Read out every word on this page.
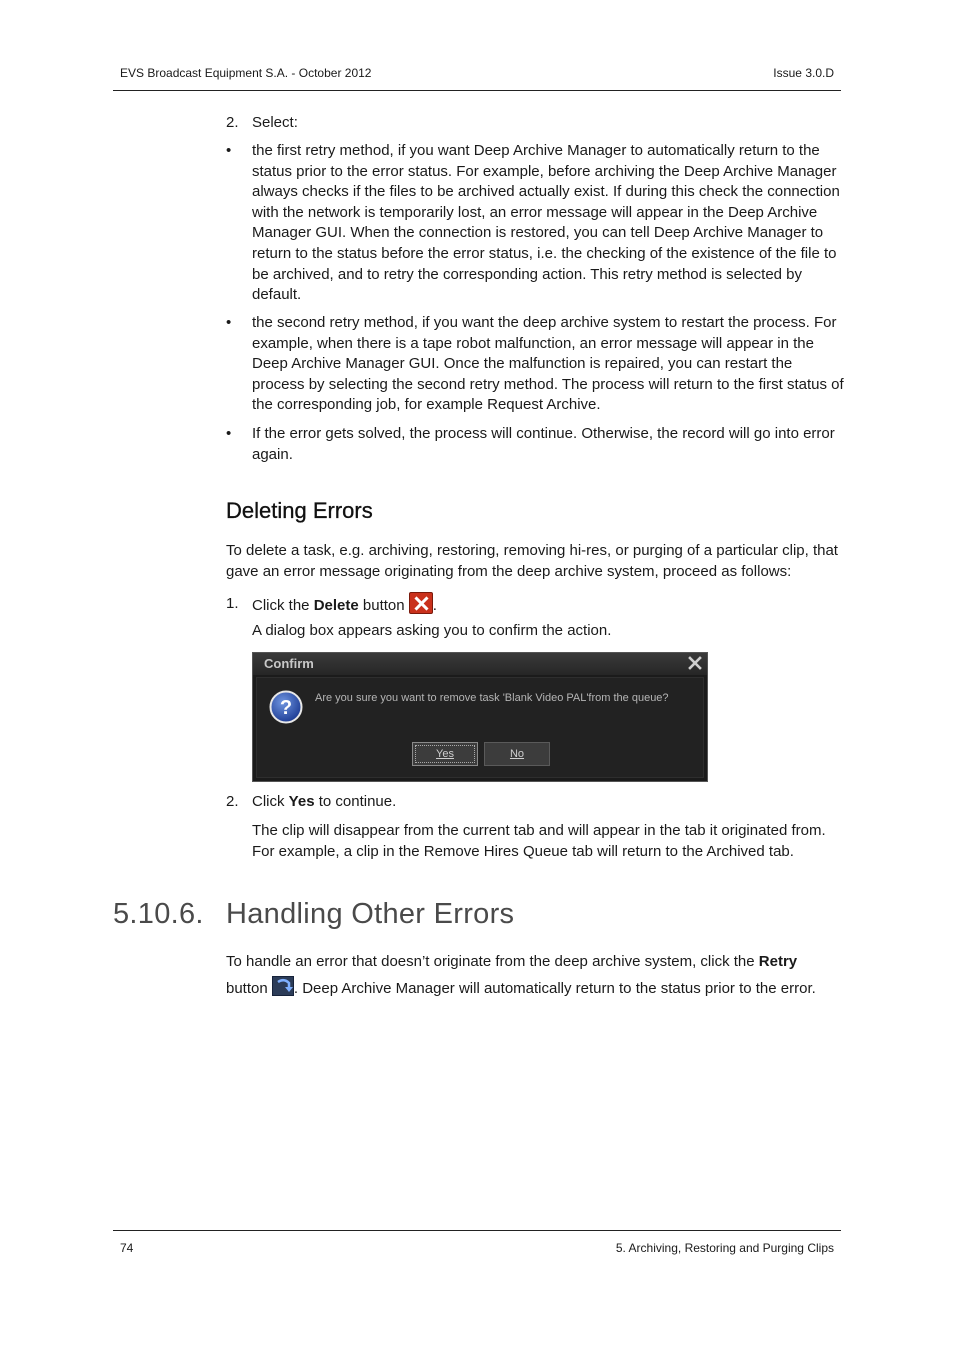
EVS Broadcast Equipment S.A. - October 2012	Issue 3.0.D
2. Select:
• the first retry method, if you want Deep Archive Manager to automatically return to the status prior to the error status. For example, before archiving the Deep Archive Manager always checks if the files to be archived actually exist. If during this check the connection with the network is temporarily lost, an error message will appear in the Deep Archive Manager GUI. When the connection is restored, you can tell Deep Archive Manager to return to the status before the error status, i.e. the checking of the existence of the file to be archived, and to retry the corresponding action. This retry method is selected by default.
• the second retry method, if you want the deep archive system to restart the process. For example, when there is a tape robot malfunction, an error message will appear in the Deep Archive Manager GUI. Once the malfunction is repaired, you can restart the process by selecting the second retry method. The process will return to the first status of the corresponding job, for example Request Archive.
• If the error gets solved, the process will continue. Otherwise, the record will go into error again.
Deleting Errors
To delete a task, e.g. archiving, restoring, removing hi-res, or purging of a particular clip, that gave an error message originating from the deep archive system, proceed as follows:
1. Click the Delete button .
A dialog box appears asking you to confirm the action.
Confirm
? Are you sure you want to remove task 'Blank Video PAL'from the queue?
Yes	No
2. Click Yes to continue.
The clip will disappear from the current tab and will appear in the tab it originated from. For example, a clip in the Remove Hires Queue tab will return to the Archived tab.
5.10.6. Handling Other Errors
To handle an error that doesn’t originate from the deep archive system, click the Retry
button
. Deep Archive Manager will automatically return to the status prior to the error.
74	5. Archiving, Restoring and Purging Clips
